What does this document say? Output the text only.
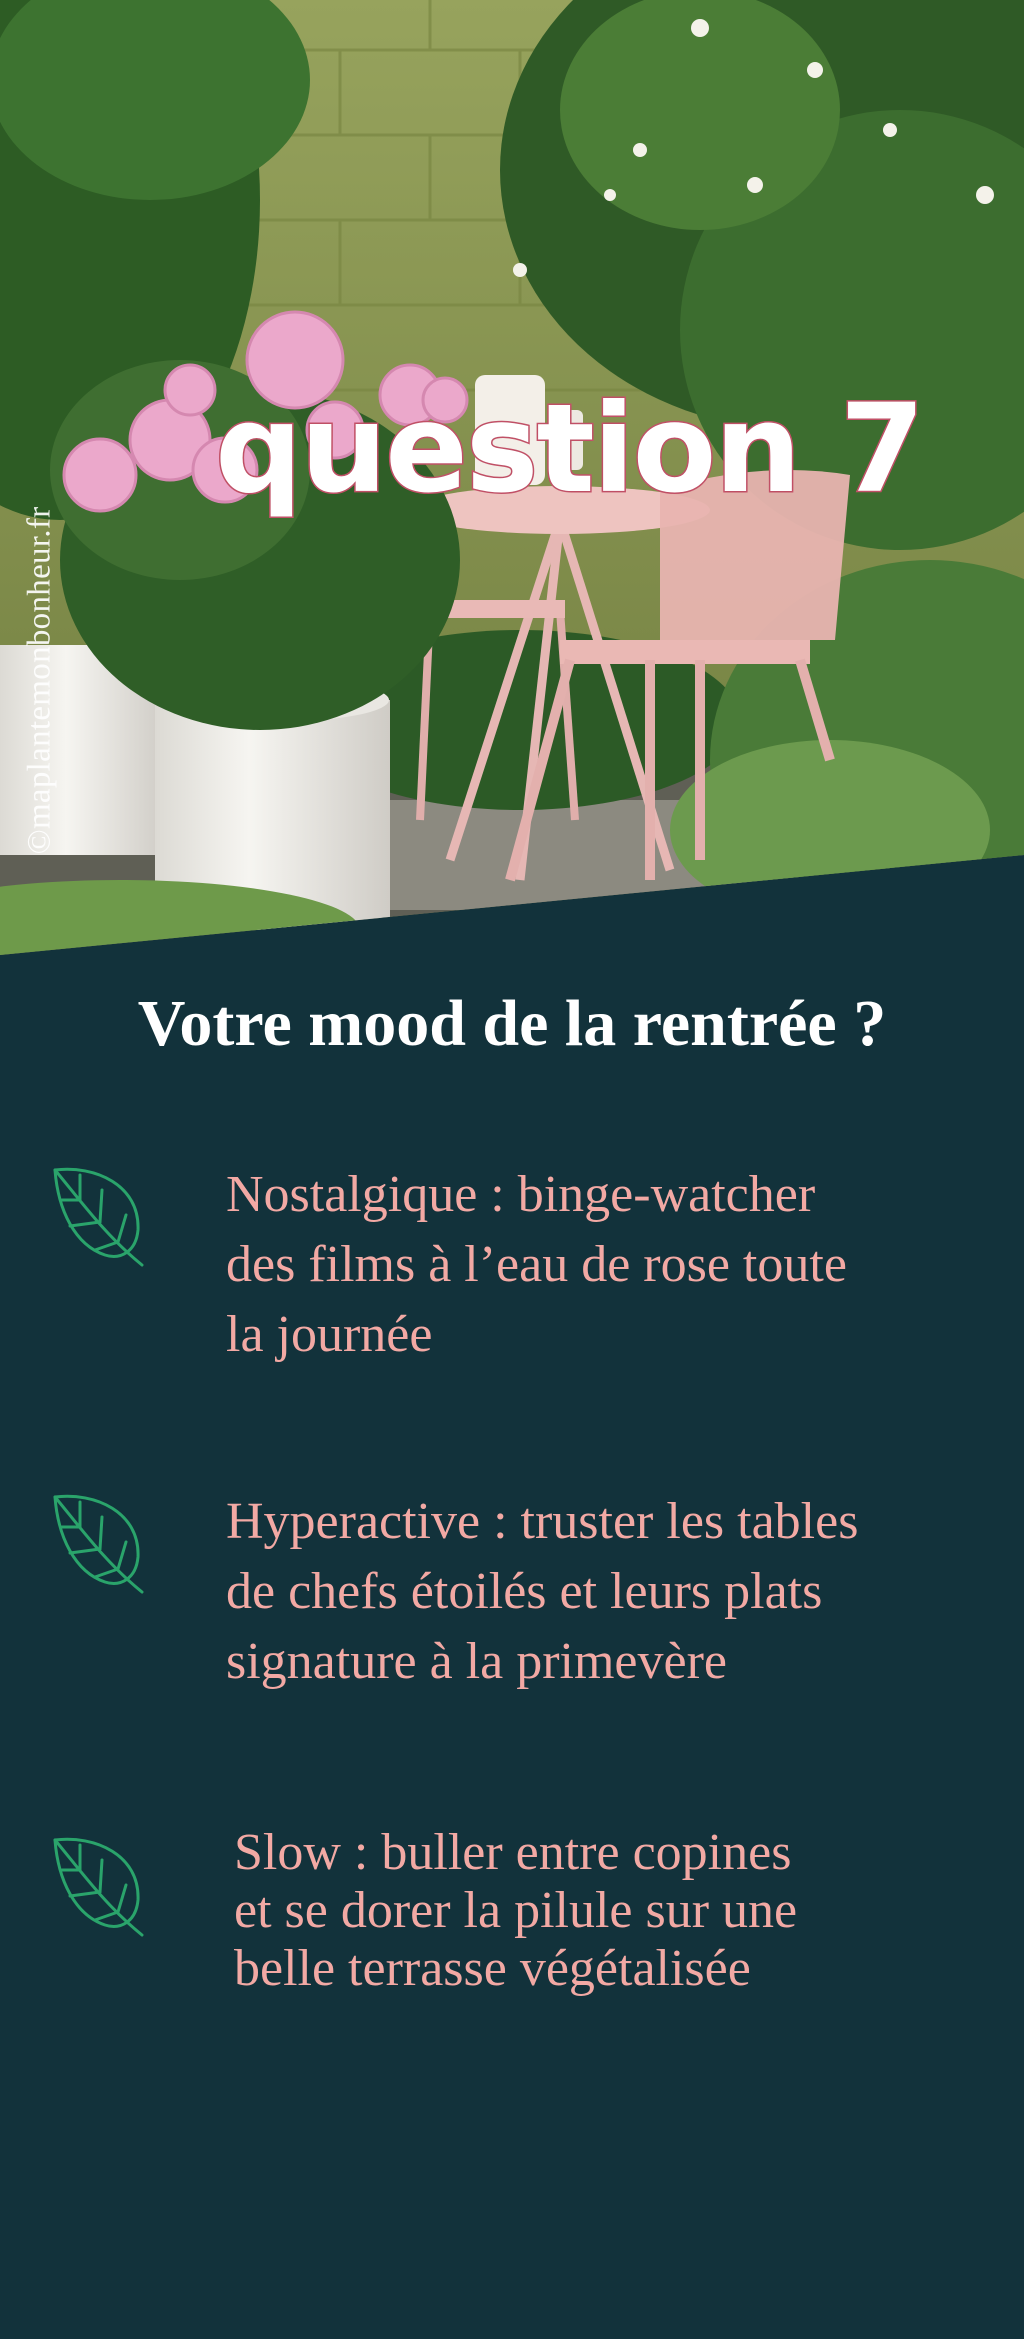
©maplantemonbonheur.fr
question 7
Votre mood de la rentrée ?
Nostalgique : binge-watcher
des films à l’eau de rose toute
la journée
Hyperactive : truster les tables
de chefs étoilés et leurs plats
signature à la primevère
Slow : buller entre copines
et se dorer la pilule sur une
belle terrasse végétalisée
